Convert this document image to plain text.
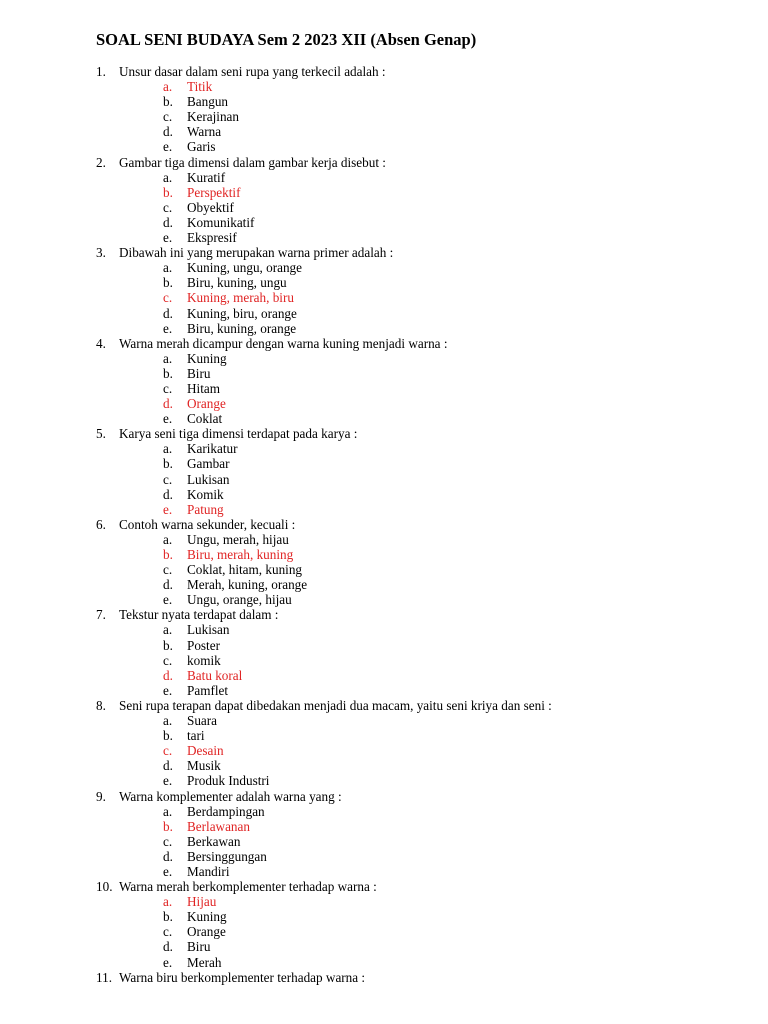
SOAL SENI BUDAYA Sem 2 2023 XII (Absen Genap)
1. Unsur dasar dalam seni rupa yang terkecil adalah :
a. Titik
b. Bangun
c. Kerajinan
d. Warna
e. Garis
2. Gambar tiga dimensi dalam gambar kerja disebut :
a. Kuratif
b. Perspektif
c. Obyektif
d. Komunikatif
e. Ekspresif
3. Dibawah ini yang merupakan warna primer adalah :
a. Kuning, ungu, orange
b. Biru, kuning, ungu
c. Kuning, merah, biru
d. Kuning, biru, orange
e. Biru, kuning, orange
4. Warna merah dicampur dengan warna kuning menjadi warna :
a. Kuning
b. Biru
c. Hitam
d. Orange
e. Coklat
5. Karya seni tiga dimensi terdapat pada karya :
a. Karikatur
b. Gambar
c. Lukisan
d. Komik
e. Patung
6. Contoh warna sekunder, kecuali :
a. Ungu, merah, hijau
b. Biru, merah, kuning
c. Coklat, hitam, kuning
d. Merah, kuning, orange
e. Ungu, orange, hijau
7. Tekstur nyata terdapat dalam :
a. Lukisan
b. Poster
c. komik
d. Batu koral
e. Pamflet
8. Seni rupa terapan dapat dibedakan menjadi dua macam, yaitu seni kriya dan seni :
a. Suara
b. tari
c. Desain
d. Musik
e. Produk Industri
9. Warna komplementer adalah warna yang :
a. Berdampingan
b. Berlawanan
c. Berkawan
d. Bersinggungan
e. Mandiri
10. Warna merah berkomplementer terhadap warna :
a. Hijau
b. Kuning
c. Orange
d. Biru
e. Merah
11. Warna biru berkomplementer terhadap warna :
